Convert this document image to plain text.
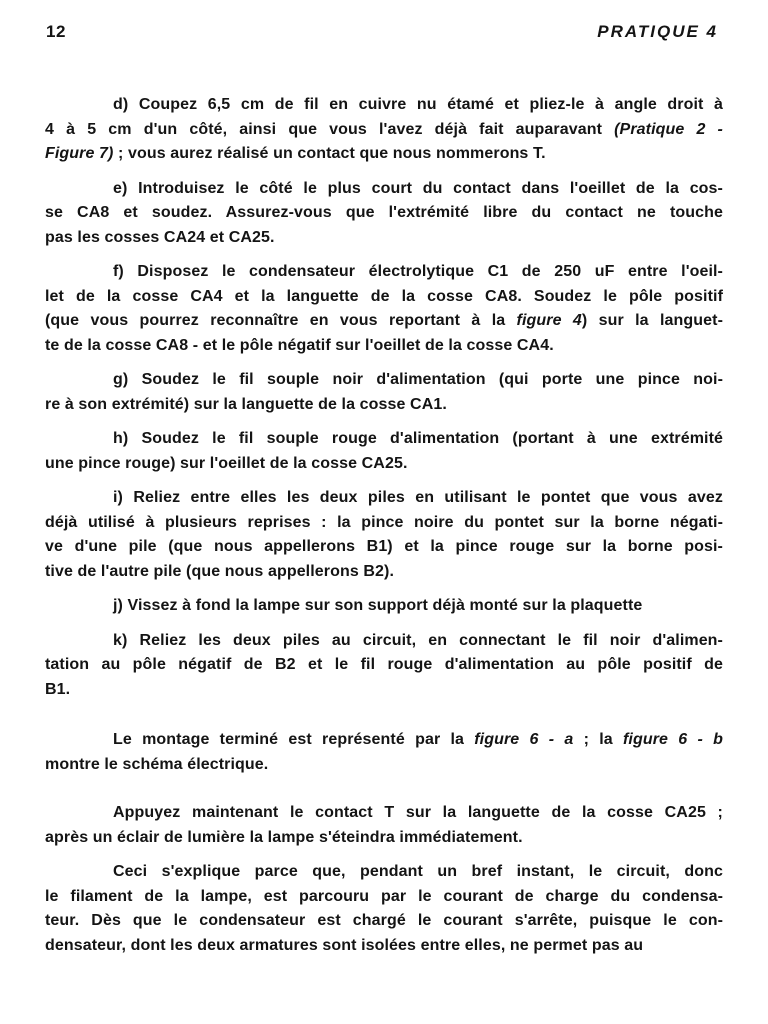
12	PRATIQUE 4

d) Coupez 6,5 cm de fil en cuivre nu étamé et pliez-le à angle droit à
4 à 5 cm d'un côté, ainsi que vous l'avez déjà fait auparavant (Pratique 2 -
Figure 7) ; vous aurez réalisé un contact que nous nommerons T.

e) Introduisez le côté le plus court du contact dans l'oeillet de la cos-
se CA8 et soudez. Assurez-vous que l'extrémité libre du contact ne touche
pas les cosses CA24 et CA25.

f) Disposez le condensateur électrolytique C1 de 250 uF entre l'oeil-
let de la cosse CA4 et la languette de la cosse CA8. Soudez le pôle positif
(que vous pourrez reconnaître en vous reportant à la figure 4) sur la languet-
te de la cosse CA8 - et le pôle négatif sur l'oeillet de la cosse CA4.

g) Soudez le fil souple noir d'alimentation (qui porte une pince noi-
re à son extrémité) sur la languette de la cosse CA1.

h) Soudez le fil souple rouge d'alimentation (portant à une extrémité
une pince rouge) sur l'oeillet de la cosse CA25.

i) Reliez entre elles les deux piles en utilisant le pontet que vous avez
déjà utilisé à plusieurs reprises : la pince noire du pontet sur la borne négati-
ve d'une pile (que nous appellerons B1) et la pince rouge sur la borne posi-
tive de l'autre pile (que nous appellerons B2).

j) Vissez à fond la lampe sur son support déjà monté sur la plaquette

k) Reliez les deux piles au circuit, en connectant le fil noir d'alimen-
tation au pôle négatif de B2 et le fil rouge d'alimentation au pôle positif de
B1.

Le montage terminé est représenté par la figure 6 - a ; la figure 6 - b
montre le schéma électrique.

Appuyez maintenant le contact T sur la languette de la cosse CA25 ;
après un éclair de lumière la lampe s'éteindra immédiatement.

Ceci s'explique parce que, pendant un bref instant, le circuit, donc
le filament de la lampe, est parcouru par le courant de charge du condensa-
teur. Dès que le condensateur est chargé le courant s'arrête, puisque le con-
densateur, dont les deux armatures sont isolées entre elles, ne permet pas au
